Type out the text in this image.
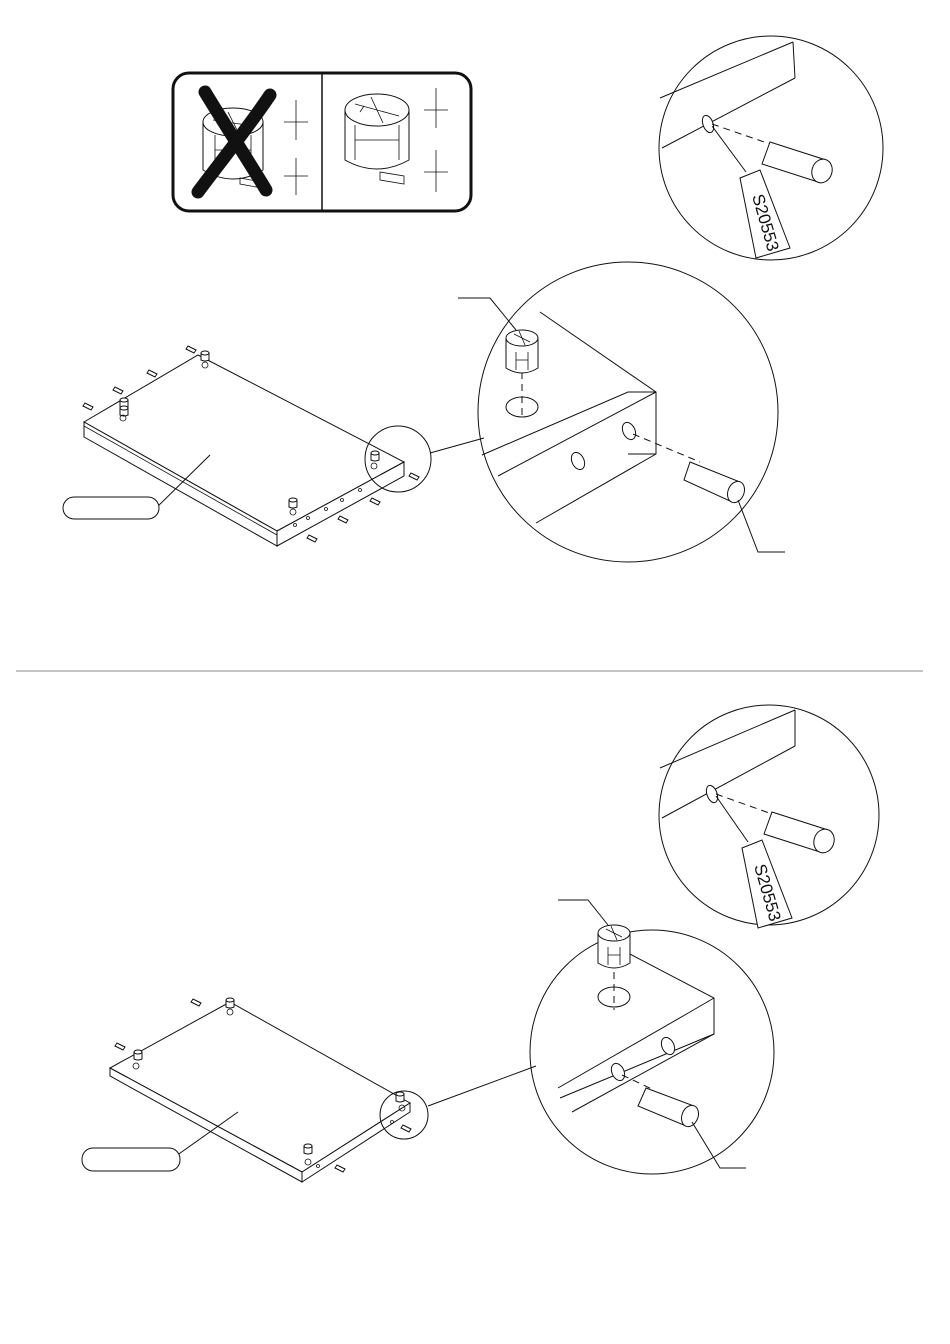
S20553
S20553
